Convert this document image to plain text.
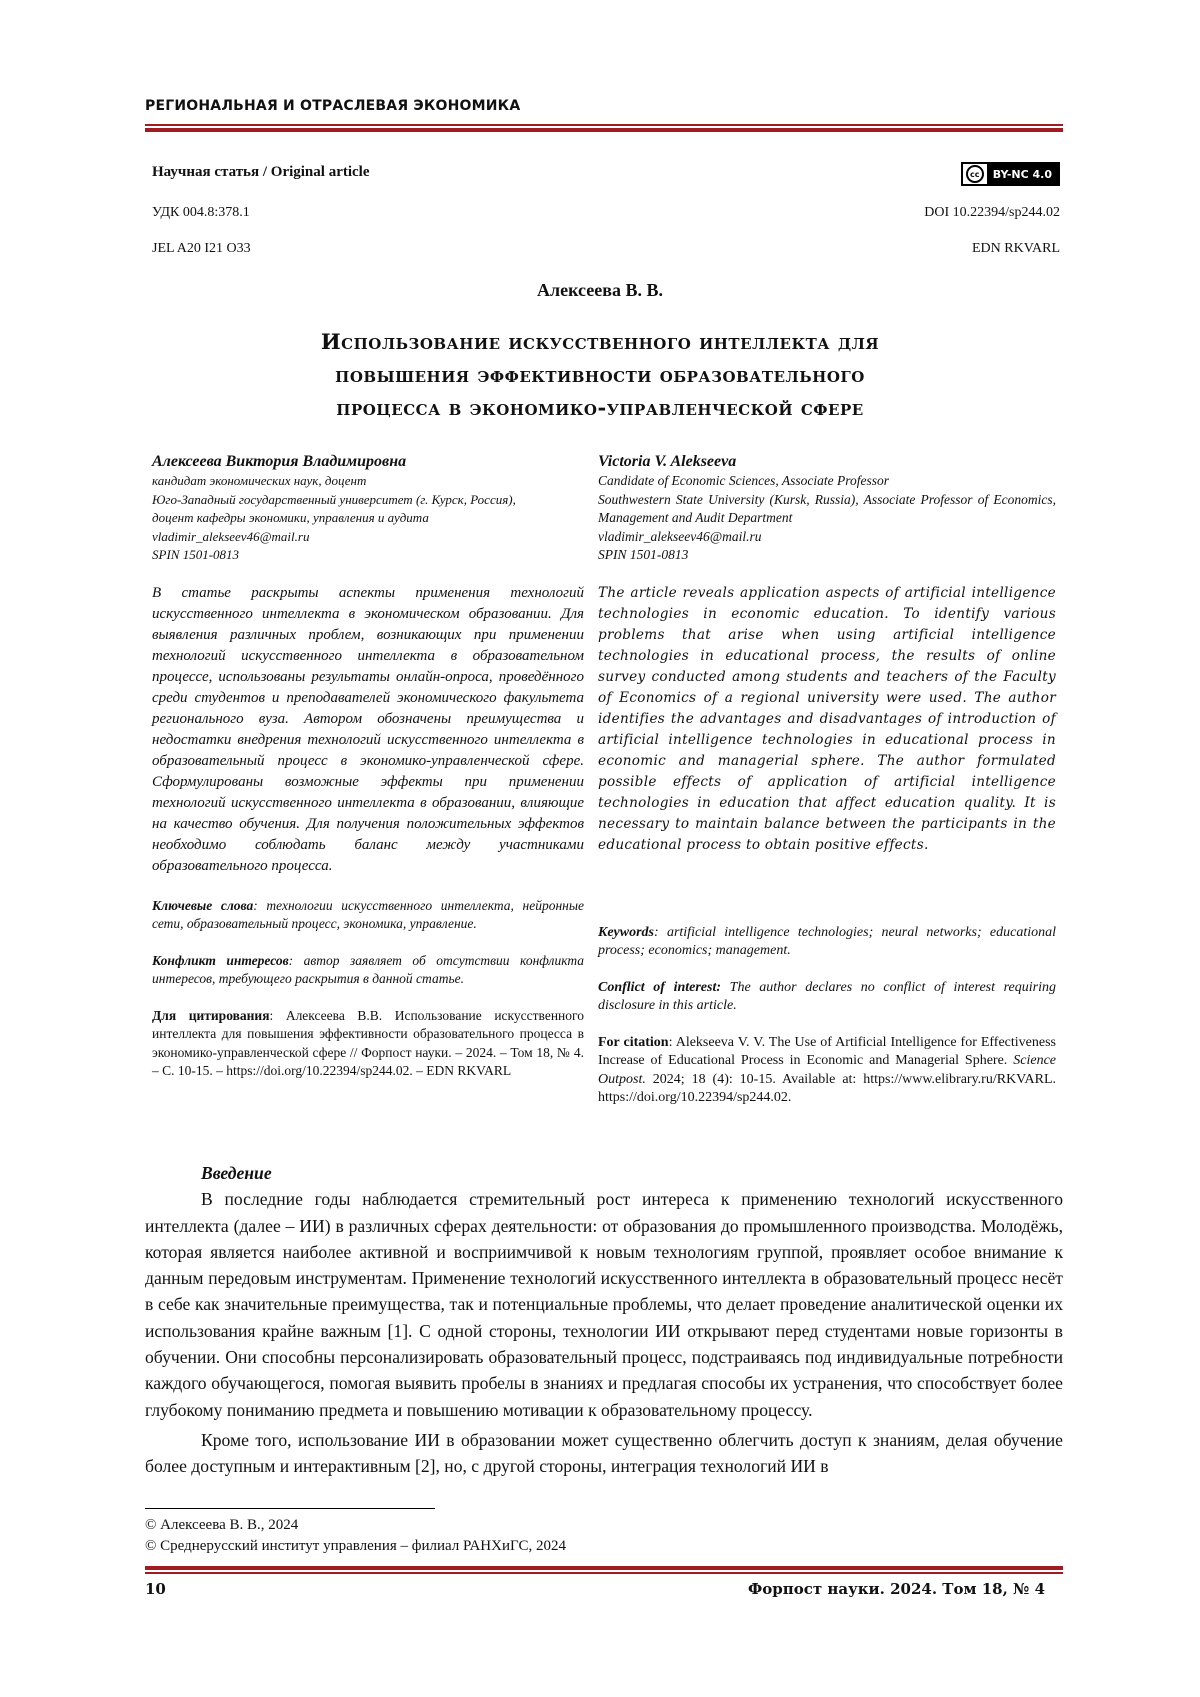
РЕГИОНАЛЬНАЯ И ОТРАСЛЕВАЯ ЭКОНОМИКА
Научная статья / Original article	cc	BY-NC 4.0
УДК 004.8:378.1	DOI 10.22394/sp244.02
JEL A20 I21 O33	EDN RKVARL
Алексеева В. В.
Использование искусственного интеллекта для
повышения эффективности образовательного
процесса в экономико-управленческой сфере
Алексеева Виктория Владимировна
кандидат экономических наук, доцент
Юго-Западный государственный университет (г. Курск, Россия),
доцент кафедры экономики, управления и аудита
vladimir_alekseev46@mail.ru
SPIN 1501-0813
В статье раскрыты аспекты применения технологий искусственного интеллекта в экономическом образовании. Для выявления различных проблем, возникающих при применении технологий искусственного интеллекта в образовательном процессе, использованы результаты онлайн-опроса, проведённого среди студентов и преподавателей экономического факультета регионального вуза. Автором обозначены преимущества и недостатки внедрения технологий искусственного интеллекта в образовательный процесс в экономико-управленческой сфере. Сформулированы возможные эффекты при применении технологий искусственного интеллекта в образовании, влияющие на качество обучения. Для получения положительных эффектов необходимо соблюдать баланс между участниками образовательного процесса.
Ключевые слова: технологии искусственного интеллекта, нейронные сети, образовательный процесс, экономика, управление.
Конфликт интересов: автор заявляет об отсутствии конфликта интересов, требующего раскрытия в данной статье.
Для цитирования: Алексеева В.В. Использование искусственного интеллекта для повышения эффективности образовательного процесса в экономико-управленческой сфере // Форпост науки. – 2024. – Том 18, № 4. – С. 10-15. – https://doi.org/10.22394/sp244.02. – EDN RKVARL
Victoria V. Alekseeva
Candidate of Economic Sciences, Associate Professor
Southwestern State University (Kursk, Russia), Associate Professor of Economics, Management and Audit Department
vladimir_alekseev46@mail.ru
SPIN 1501-0813
The article reveals application aspects of artificial intelligence technologies in economic education. To identify various problems that arise when using artificial intelligence technologies in educational process, the results of online survey conducted among students and teachers of the Faculty of Economics of a regional university were used. The author identifies the advantages and disadvantages of introduction of artificial intelligence technologies in educational process in economic and managerial sphere. The author formulated possible effects of application of artificial intelligence technologies in education that affect education quality. It is necessary to maintain balance between the participants in the educational process to obtain positive effects.
Keywords: artificial intelligence technologies; neural networks; educational process; economics; management.
Conflict of interest: The author declares no conflict of interest requiring disclosure in this article.
For citation: Alekseeva V. V. The Use of Artificial Intelligence for Effectiveness Increase of Educational Process in Economic and Managerial Sphere. Science Outpost. 2024; 18 (4): 10-15. Available at: https://www.elibrary.ru/RKVARL. https://doi.org/10.22394/sp244.02.
Введение

В последние годы наблюдается стремительный рост интереса к применению технологий искусственного интеллекта (далее – ИИ) в различных сферах деятельности: от образования до промышленного производства. Молодёжь, которая является наиболее активной и восприимчивой к новым технологиям группой, проявляет особое внимание к данным передовым инструментам. Применение технологий искусственного интеллекта в образовательный процесс несёт в себе как значительные преимущества, так и потенциальные проблемы, что делает проведение аналитической оценки их использования крайне важным [1]. С одной стороны, технологии ИИ открывают перед студентами новые горизонты в обучении. Они способны персонализировать образовательный процесс, подстраиваясь под индивидуальные потребности каждого обучающегося, помогая выявить пробелы в знаниях и предлагая способы их устранения, что способствует более глубокому пониманию предмета и повышению мотивации к образовательному процессу.

Кроме того, использование ИИ в образовании может существенно облегчить доступ к знаниям, делая обучение более доступным и интерактивным [2], но, с другой стороны, интеграция технологий ИИ в

© Алексеева В. В., 2024
© Среднерусский институт управления – филиал РАНХиГС, 2024
10	Форпост науки. 2024. Том 18, № 4
